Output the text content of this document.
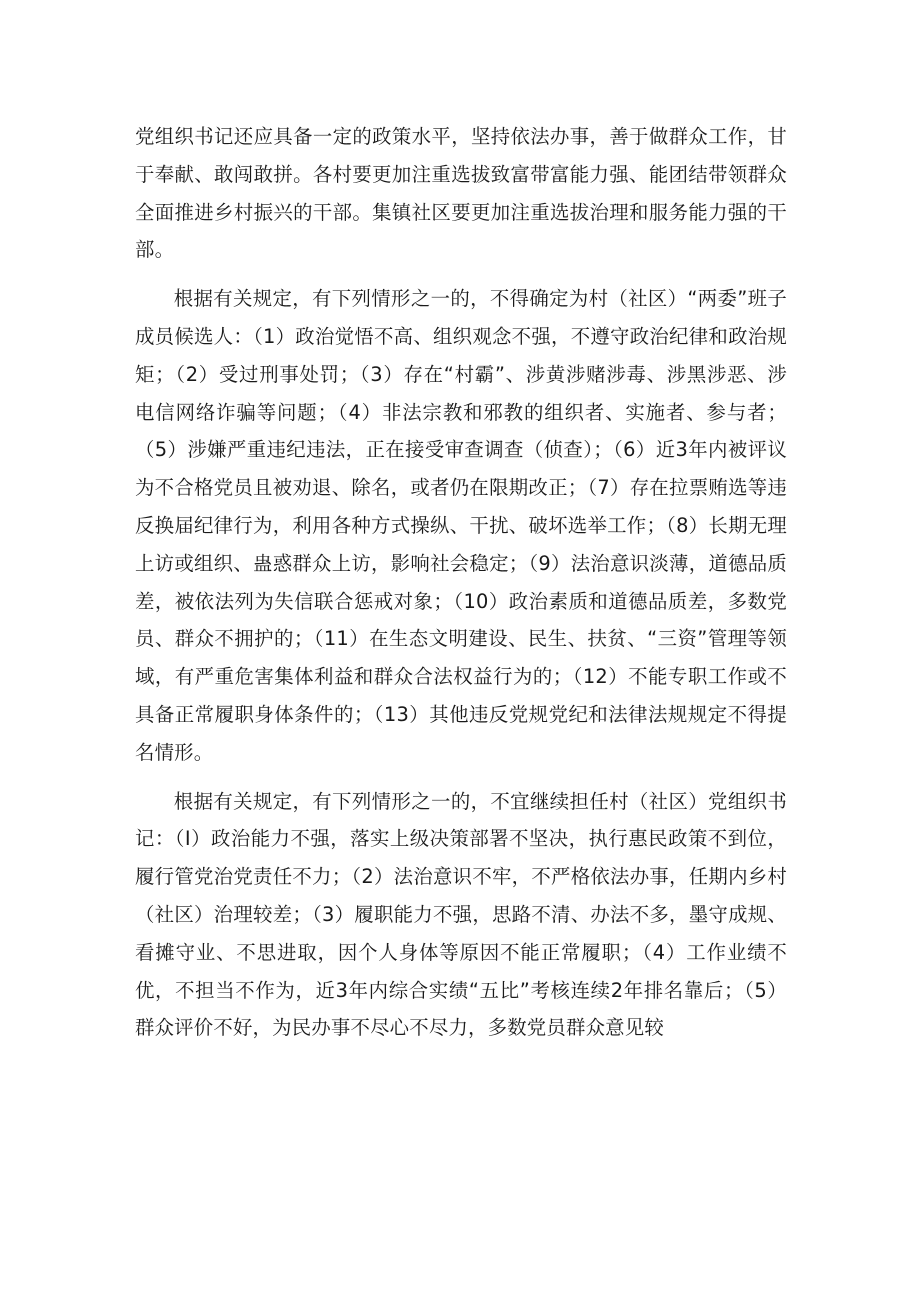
党组织书记还应具备一定的政策水平，坚持依法办事，善于做群众工作，甘于奉献、敢闯敢拼。各村要更加注重选拔致富带富能力强、能团结带领群众全面推进乡村振兴的干部。集镇社区要更加注重选拔治理和服务能力强的干部。

根据有关规定，有下列情形之一的，不得确定为村（社区）“两委”班子成员候选人：（1）政治觉悟不高、组织观念不强，不遵守政治纪律和政治规矩；（2）受过刑事处罚；（3）存在“村霸”、涉黄涉赌涉毒、涉黑涉恶、涉电信网络诈骗等问题；（4）非法宗教和邪教的组织者、实施者、参与者；（5）涉嫌严重违纪违法，正在接受审查调查（侦查）；（6）近3年内被评议为不合格党员且被劝退、除名，或者仍在限期改正；（7）存在拉票贿选等违反换届纪律行为，利用各种方式操纵、干扰、破坏选举工作；（8）长期无理上访或组织、蛊惑群众上访，影响社会稳定；（9）法治意识淡薄，道德品质差，被依法列为失信联合惩戒对象；（10）政治素质和道德品质差，多数党员、群众不拥护的；（11）在生态文明建设、民生、扶贫、“三资”管理等领域，有严重危害集体利益和群众合法权益行为的；（12）不能专职工作或不具备正常履职身体条件的；（13）其他违反党规党纪和法律法规规定不得提名情形。

根据有关规定，有下列情形之一的，不宜继续担任村（社区）党组织书记：（I）政治能力不强，落实上级决策部署不坚决，执行惠民政策不到位，履行管党治党责任不力；（2）法治意识不牢，不严格依法办事，任期内乡村（社区）治理较差；（3）履职能力不强，思路不清、办法不多，墨守成规、看摊守业、不思进取，因个人身体等原因不能正常履职；（4）工作业绩不优，不担当不作为，近3年内综合实绩“五比”考核连续2年排名靠后；（5）群众评价不好，为民办事不尽心不尽力，多数党员群众意见较
